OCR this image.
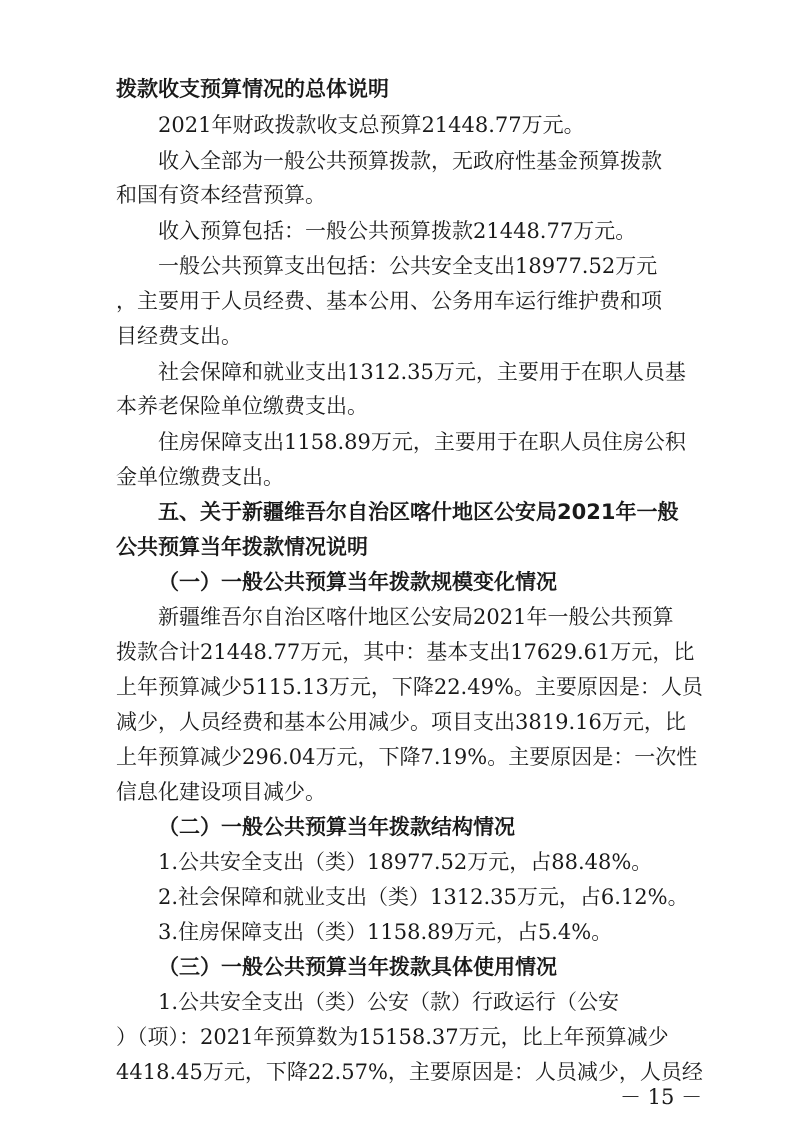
拨款收支预算情况的总体说明
2021年财政拨款收支总预算21448.77万元。
收入全部为一般公共预算拨款，无政府性基金预算拨款
和国有资本经营预算。
收入预算包括：一般公共预算拨款21448.77万元。
一般公共预算支出包括：公共安全支出18977.52万元
，主要用于人员经费、基本公用、公务用车运行维护费和项
目经费支出。
社会保障和就业支出1312.35万元，主要用于在职人员基
本养老保险单位缴费支出。
住房保障支出1158.89万元，主要用于在职人员住房公积
金单位缴费支出。
五、关于新疆维吾尔自治区喀什地区公安局2021年一般
公共预算当年拨款情况说明
（一）一般公共预算当年拨款规模变化情况
新疆维吾尔自治区喀什地区公安局2021年一般公共预算
拨款合计21448.77万元，其中：基本支出17629.61万元，比
上年预算减少5115.13万元，下降22.49%。主要原因是：人员
减少，人员经费和基本公用减少。项目支出3819.16万元，比
上年预算减少296.04万元，下降7.19%。主要原因是：一次性
信息化建设项目减少。
（二）一般公共预算当年拨款结构情况
1.公共安全支出（类）18977.52万元，占88.48%。
2.社会保障和就业支出（类）1312.35万元，占6.12%。
3.住房保障支出（类）1158.89万元，占5.4%。
（三）一般公共预算当年拨款具体使用情况
1.公共安全支出（类）公安（款）行政运行（公安
）（项）：2021年预算数为15158.37万元，比上年预算减少
4418.45万元，下降22.57%，主要原因是：人员减少，人员经
－ 15 －
